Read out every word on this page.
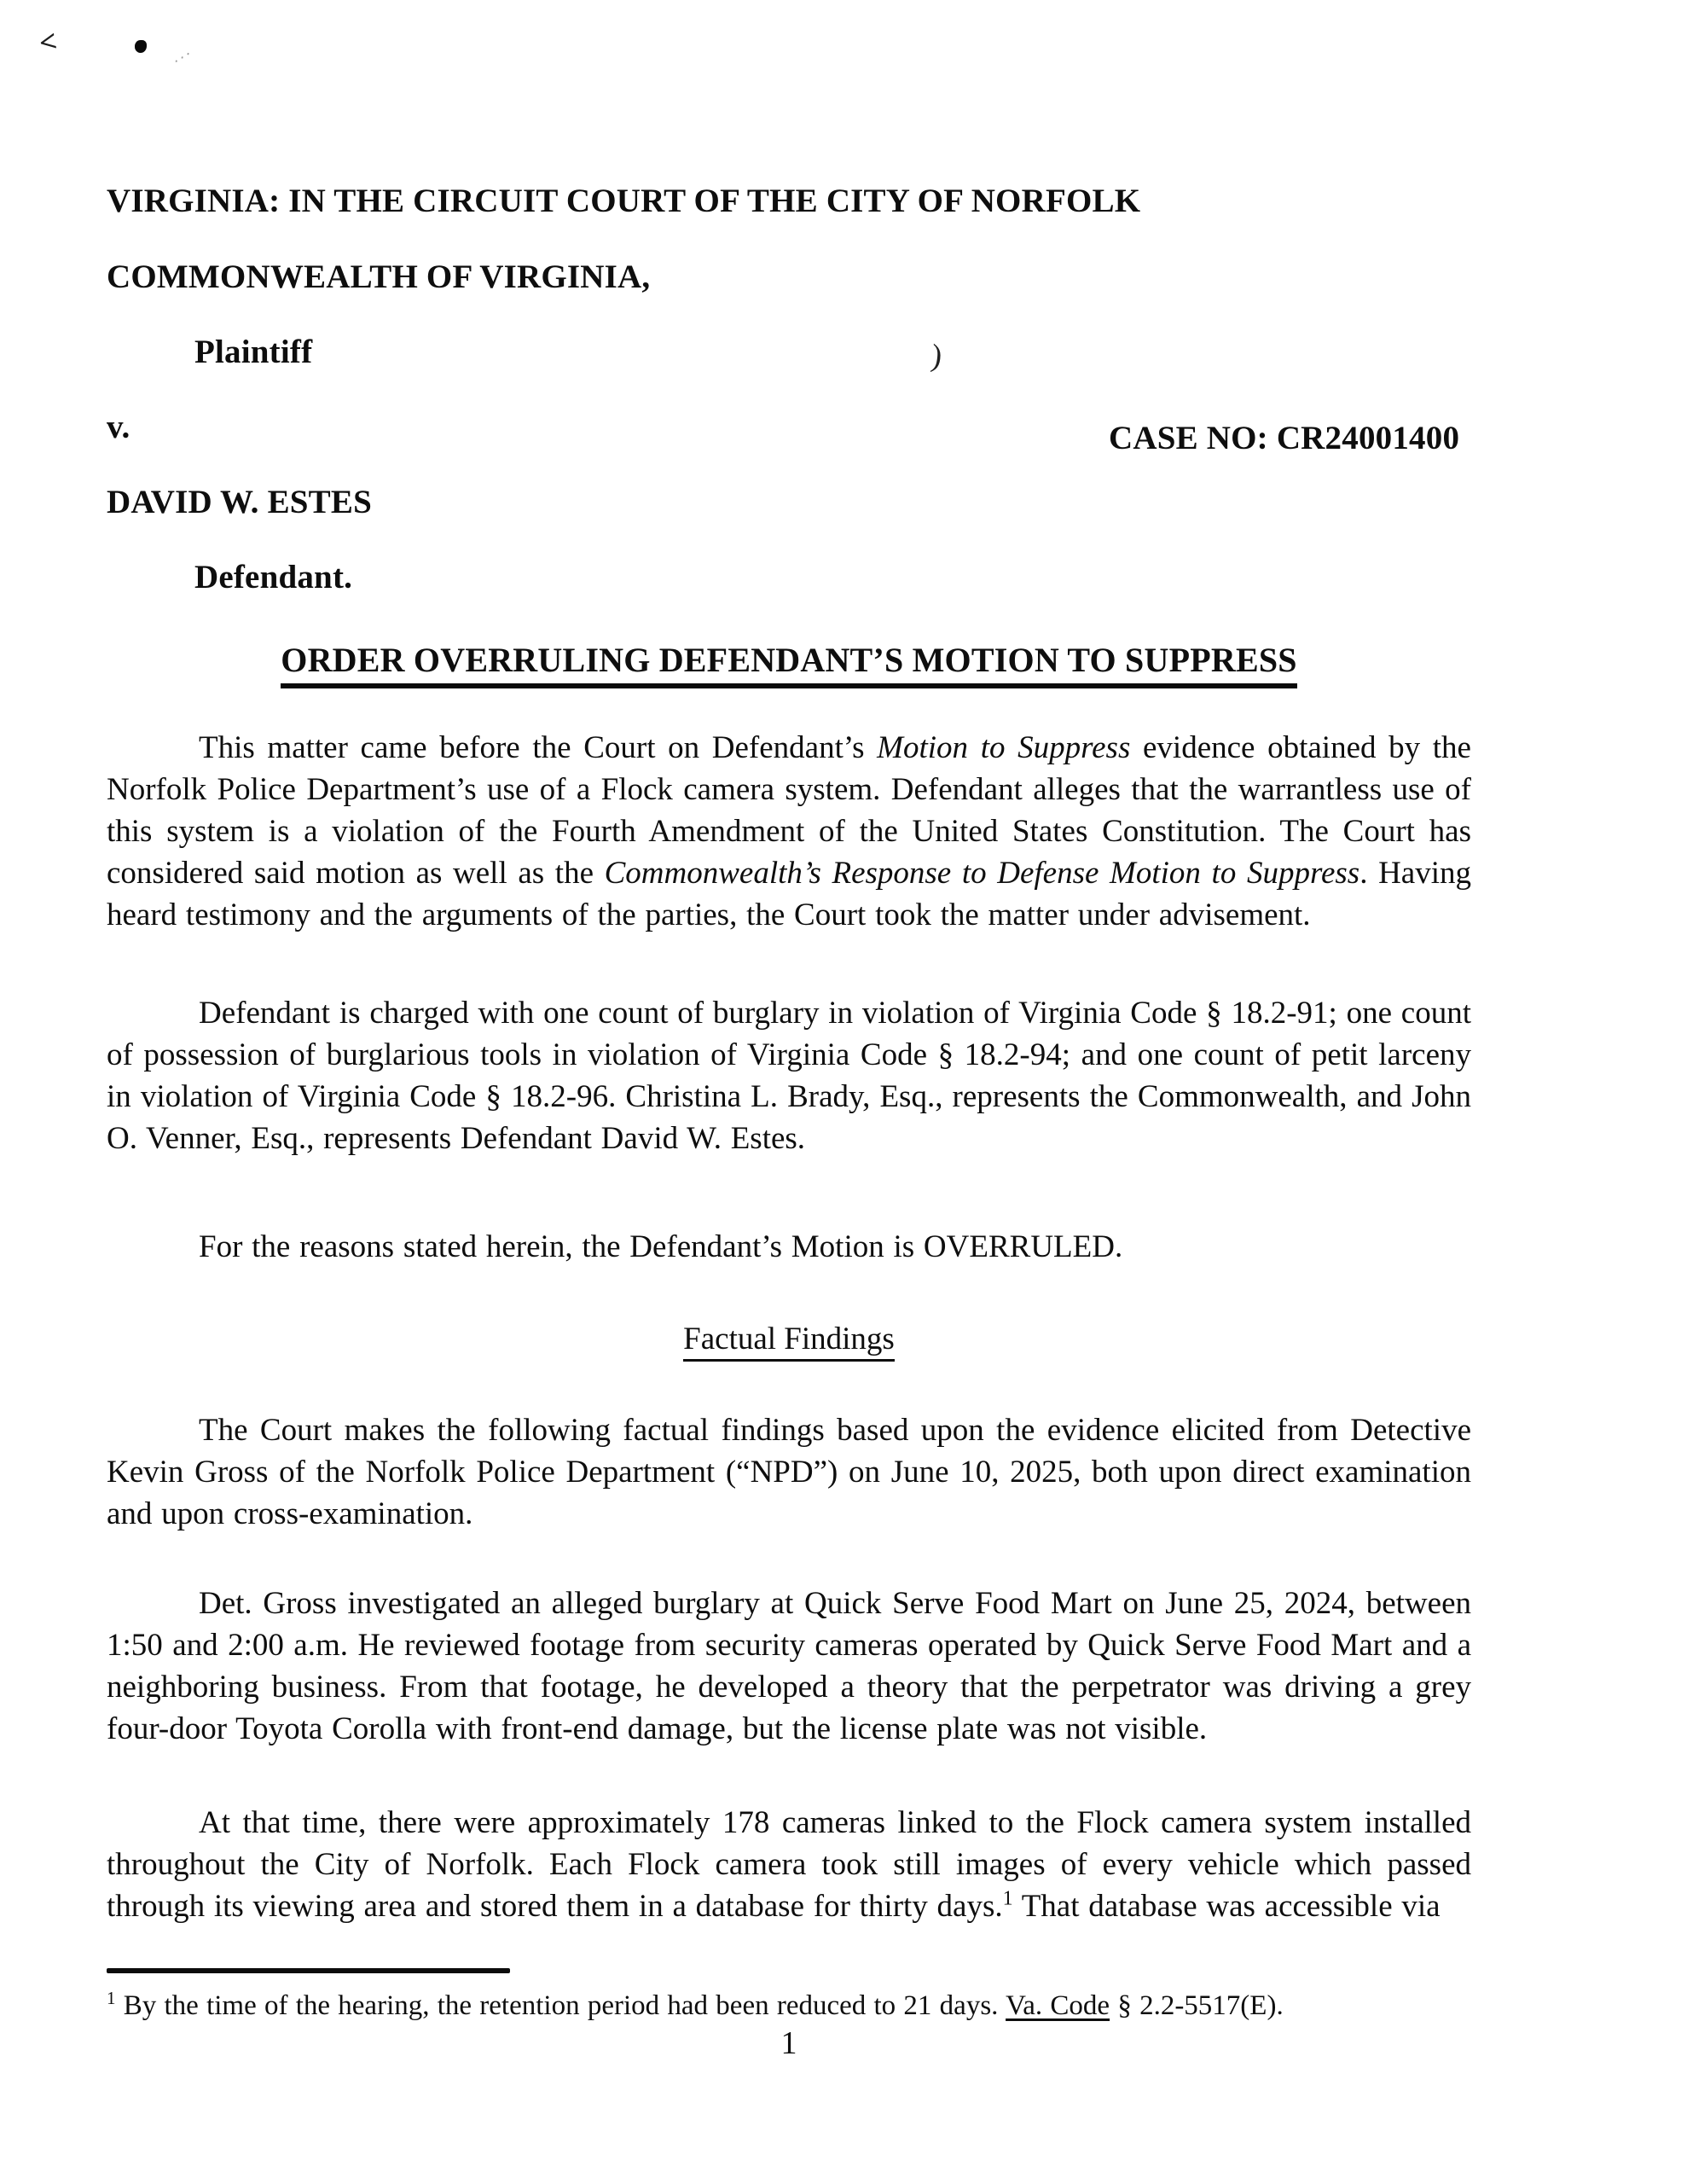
<	⋰
)
VIRGINIA: IN THE CIRCUIT COURT OF THE CITY OF NORFOLK
COMMONWEALTH OF VIRGINIA,
Plaintiff
v.	CASE NO: CR24001400
DAVID W. ESTES
Defendant.
ORDER OVERRULING DEFENDANT’S MOTION TO SUPPRESS

This matter came before the Court on Defendant’s Motion to Suppress evidence obtained by the Norfolk Police Department’s use of a Flock camera system. Defendant alleges that the warrantless use of this system is a violation of the Fourth Amendment of the United States Constitution. The Court has considered said motion as well as the Commonwealth’s Response to Defense Motion to Suppress. Having heard testimony and the arguments of the parties, the Court took the matter under advisement.

Defendant is charged with one count of burglary in violation of Virginia Code § 18.2-91; one count of possession of burglarious tools in violation of Virginia Code § 18.2-94; and one count of petit larceny in violation of Virginia Code § 18.2-96. Christina L. Brady, Esq., represents the Commonwealth, and John O. Venner, Esq., represents Defendant David W. Estes.

For the reasons stated herein, the Defendant’s Motion is OVERRULED.

Factual Findings

The Court makes the following factual findings based upon the evidence elicited from Detective Kevin Gross of the Norfolk Police Department (“NPD”) on June 10, 2025, both upon direct examination and upon cross-examination.

Det. Gross investigated an alleged burglary at Quick Serve Food Mart on June 25, 2024, between 1:50 and 2:00 a.m. He reviewed footage from security cameras operated by Quick Serve Food Mart and a neighboring business. From that footage, he developed a theory that the perpetrator was driving a grey four-door Toyota Corolla with front-end damage, but the license plate was not visible.

At that time, there were approximately 178 cameras linked to the Flock camera system installed throughout the City of Norfolk. Each Flock camera took still images of every vehicle which passed through its viewing area and stored them in a database for thirty days.$^1$ That database was accessible via

$^1$ By the time of the hearing, the retention period had been reduced to 21 days. Va. Code § 2.2-5517(E).

1
